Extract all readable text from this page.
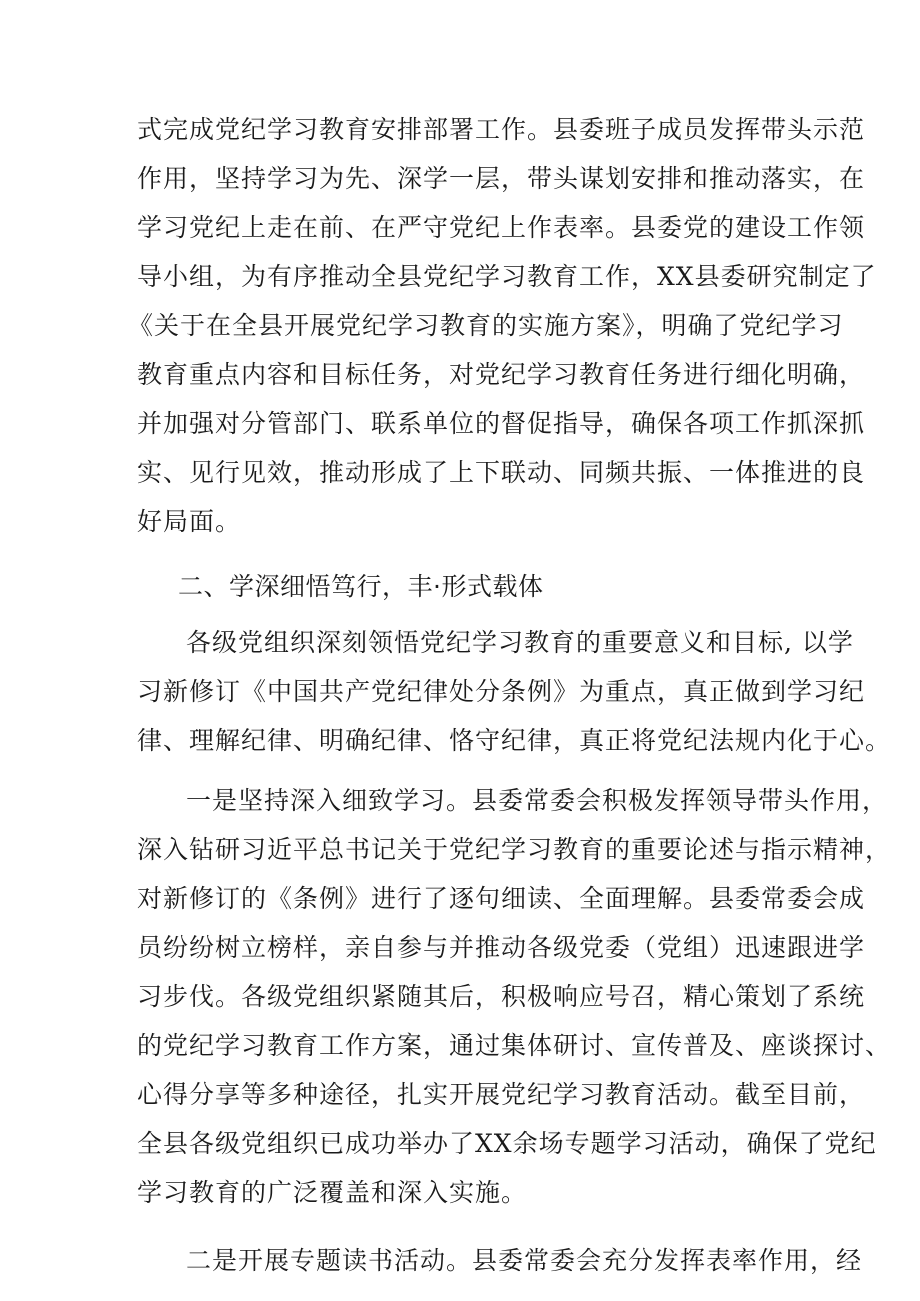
式完成党纪学习教育安排部署工作。县委班子成员发挥带头示范

作用，坚持学习为先、深学一层，带头谋划安排和推动落实，在

学习党纪上走在前、在严守党纪上作表率。县委党的建设工作领

导小组，为有序推动全县党纪学习教育工作，XX县委研究制定了

《关于在全县开展党纪学习教育的实施方案》，明确了党纪学习

教育重点内容和目标任务，对党纪学习教育任务进行细化明确，

并加强对分管部门、联系单位的督促指导，确保各项工作抓深抓

实、见行见效，推动形成了上下联动、同频共振、一体推进的良

好局面。

二、学深细悟笃行，丰·形式载体

各级党组织深刻领悟党纪学习教育的重要意义和目标, 以学

习新修订《中国共产党纪律处分条例》为重点，真正做到学习纪

律、理解纪律、明确纪律、恪守纪律，真正将党纪法规内化于心。

一是坚持深入细致学习。县委常委会积极发挥领导带头作用，

深入钻研习近平总书记关于党纪学习教育的重要论述与指示精神，

对新修订的《条例》进行了逐句细读、全面理解。县委常委会成

员纷纷树立榜样，亲自参与并推动各级党委（党组）迅速跟进学

习步伐。各级党组织紧随其后，积极响应号召，精心策划了系统

的党纪学习教育工作方案，通过集体研讨、宣传普及、座谈探讨、

心得分享等多种途径，扎实开展党纪学习教育活动。截至目前，

全县各级党组织已成功举办了XX余场专题学习活动，确保了党纪

学习教育的广泛覆盖和深入实施。

二是开展专题读书活动。县委常委会充分发挥表率作用，经
